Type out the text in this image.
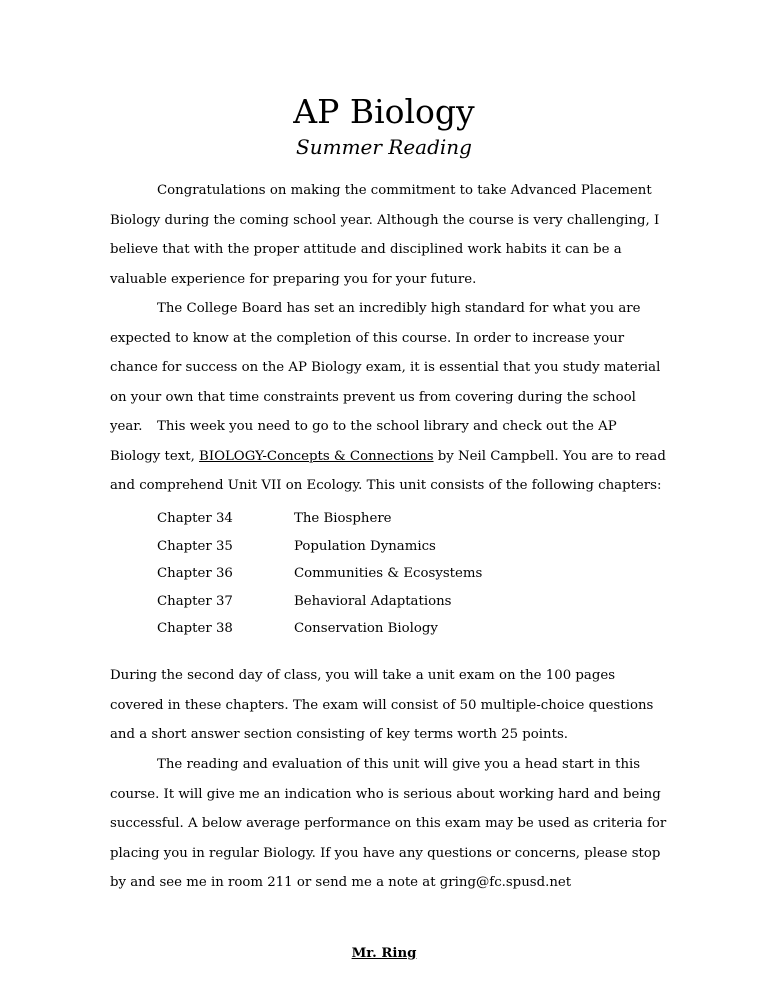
AP Biology
Summer Reading

Congratulations on making the commitment to take Advanced Placement Biology during the coming school year. Although the course is very challenging, I believe that with the proper attitude and disciplined work habits it can be a valuable experience for preparing you for your future.

The College Board has set an incredibly high standard for what you are expected to know at the completion of this course. In order to increase your chance for success on the AP Biology exam, it is essential that you study material on your own that time constraints prevent us from covering during the school year.	This week you need to go to the school library and check out the AP Biology text, BIOLOGY-Concepts & Connections by Neil Campbell. You are to read and comprehend Unit VII on Ecology. This unit consists of the following chapters:

Chapter 34	The Biosphere
Chapter 35	Population Dynamics
Chapter 36	Communities & Ecosystems
Chapter 37	Behavioral Adaptations
Chapter 38	Conservation Biology

During the second day of class, you will take a unit exam on the 100 pages covered in these chapters. The exam will consist of 50 multiple-choice questions and a short answer section consisting of key terms worth 25 points.

The reading and evaluation of this unit will give you a head start in this course. It will give me an indication who is serious about working hard and being successful. A below average performance on this exam may be used as criteria for placing you in regular Biology. If you have any questions or concerns, please stop by and see me in room 211 or send me a note at gring@fc.spusd.net

Mr. Ring
